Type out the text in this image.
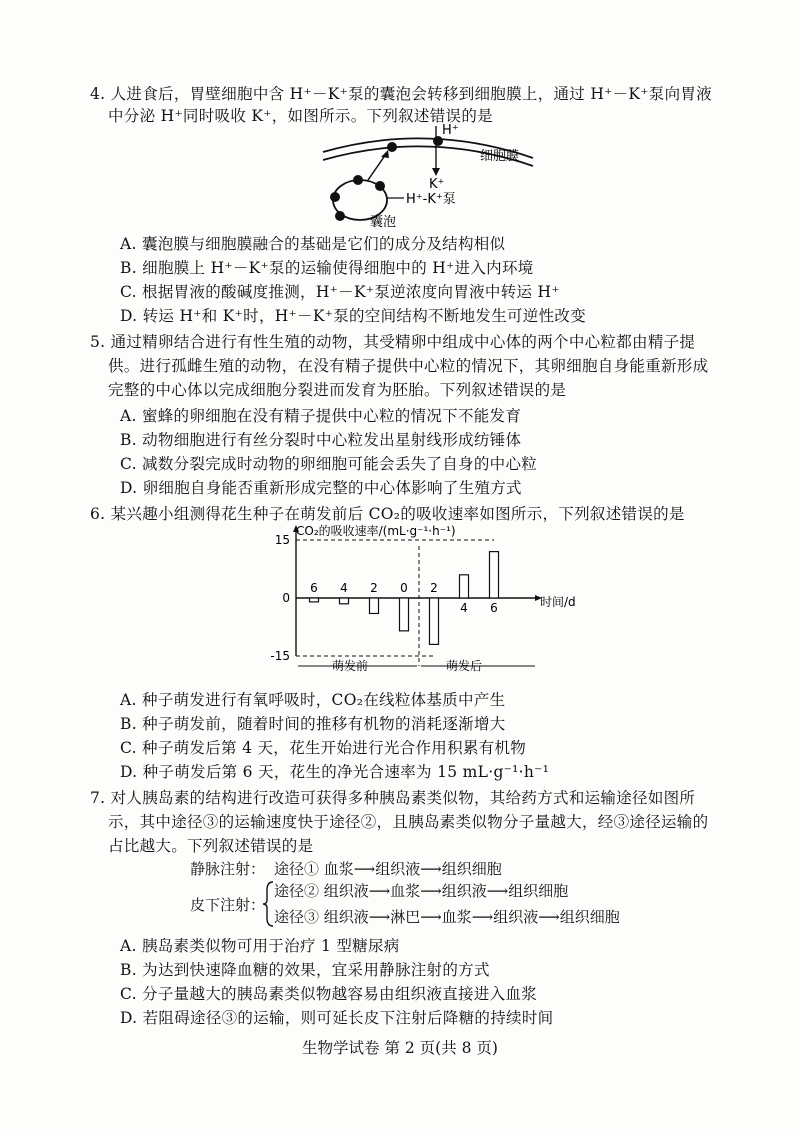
4. 人进食后，胃壁细胞中含 H⁺－K⁺泵的囊泡会转移到细胞膜上，通过 H⁺－K⁺泵向胃液
中分泌 H⁺同时吸收 K⁺，如图所示。下列叙述错误的是
H⁺
K⁺
细胞膜
H⁺-K⁺泵
囊泡
A. 囊泡膜与细胞膜融合的基础是它们的成分及结构相似
B. 细胞膜上 H⁺－K⁺泵的运输使得细胞中的 H⁺进入内环境
C. 根据胃液的酸碱度推测，H⁺－K⁺泵逆浓度向胃液中转运 H⁺
D. 转运 H⁺和 K⁺时，H⁺－K⁺泵的空间结构不断地发生可逆性改变
5. 通过精卵结合进行有性生殖的动物，其受精卵中组成中心体的两个中心粒都由精子提
供。进行孤雌生殖的动物，在没有精子提供中心粒的情况下，其卵细胞自身能重新形成
完整的中心体以完成细胞分裂进而发育为胚胎。下列叙述错误的是
A. 蜜蜂的卵细胞在没有精子提供中心粒的情况下不能发育
B. 动物细胞进行有丝分裂时中心粒发出星射线形成纺锤体
C. 减数分裂完成时动物的卵细胞可能会丢失了自身的中心粒
D. 卵细胞自身能否重新形成完整的中心体影响了生殖方式
6. 某兴趣小组测得花生种子在萌发前后 CO₂的吸收速率如图所示，下列叙述错误的是
15
0
-15
6 4 2 0 2
4 6
CO₂的吸收速率/(mL·g⁻¹·h⁻¹)
时间/d
萌发前	萌发后
A. 种子萌发进行有氧呼吸时，CO₂在线粒体基质中产生
B. 种子萌发前，随着时间的推移有机物的消耗逐渐增大
C. 种子萌发后第 4 天，花生开始进行光合作用积累有机物
D. 种子萌发后第 6 天，花生的净光合速率为 15 mL·g⁻¹·h⁻¹
7. 对人胰岛素的结构进行改造可获得多种胰岛素类似物，其给药方式和运输途径如图所
示，其中途径③的运输速度快于途径②，且胰岛素类似物分子量越大，经③途径运输的
占比越大。下列叙述错误的是
静脉注射： 途径① 血浆⟶组织液⟶组织细胞
皮下注射：
途径② 组织液⟶血浆⟶组织液⟶组织细胞
途径③ 组织液⟶淋巴⟶血浆⟶组织液⟶组织细胞
A. 胰岛素类似物可用于治疗 1 型糖尿病
B. 为达到快速降血糖的效果，宜采用静脉注射的方式
C. 分子量越大的胰岛素类似物越容易由组织液直接进入血浆
D. 若阻碍途径③的运输，则可延长皮下注射后降糖的持续时间
生物学试卷 第 2 页(共 8 页)
